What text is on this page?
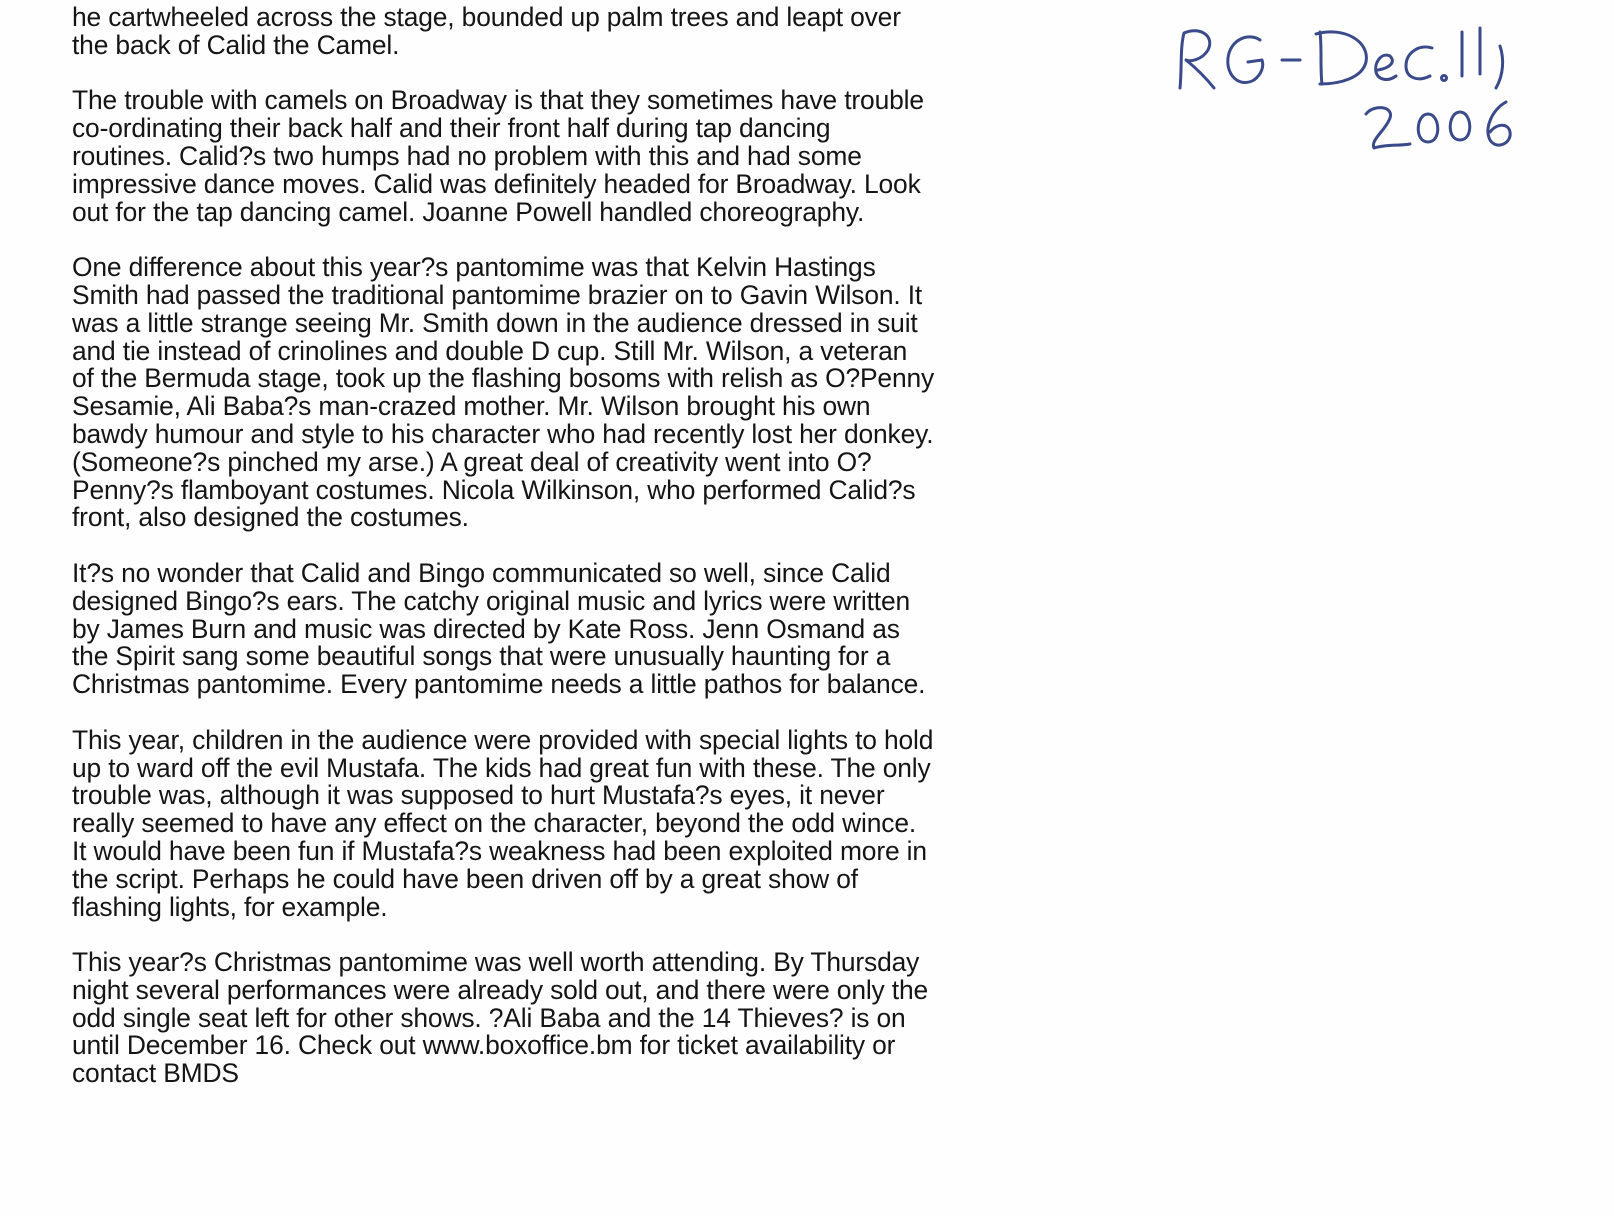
he cartwheeled across the stage, bounded up palm trees and leapt over
the back of Calid the Camel.

The trouble with camels on Broadway is that they sometimes have trouble
co-ordinating their back half and their front half during tap dancing
routines. Calid?s two humps had no problem with this and had some
impressive dance moves. Calid was definitely headed for Broadway. Look
out for the tap dancing camel. Joanne Powell handled choreography.

One difference about this year?s pantomime was that Kelvin Hastings
Smith had passed the traditional pantomime brazier on to Gavin Wilson. It
was a little strange seeing Mr. Smith down in the audience dressed in suit
and tie instead of crinolines and double D cup. Still Mr. Wilson, a veteran
of the Bermuda stage, took up the flashing bosoms with relish as O?Penny
Sesamie, Ali Baba?s man-crazed mother. Mr. Wilson brought his own
bawdy humour and style to his character who had recently lost her donkey.
(Someone?s pinched my arse.) A great deal of creativity went into O?
Penny?s flamboyant costumes. Nicola Wilkinson, who performed Calid?s
front, also designed the costumes.

It?s no wonder that Calid and Bingo communicated so well, since Calid
designed Bingo?s ears. The catchy original music and lyrics were written
by James Burn and music was directed by Kate Ross. Jenn Osmand as
the Spirit sang some beautiful songs that were unusually haunting for a
Christmas pantomime. Every pantomime needs a little pathos for balance.

This year, children in the audience were provided with special lights to hold
up to ward off the evil Mustafa. The kids had great fun with these. The only
trouble was, although it was supposed to hurt Mustafa?s eyes, it never
really seemed to have any effect on the character, beyond the odd wince.
It would have been fun if Mustafa?s weakness had been exploited more in
the script. Perhaps he could have been driven off by a great show of
flashing lights, for example.

This year?s Christmas pantomime was well worth attending. By Thursday
night several performances were already sold out, and there were only the
odd single seat left for other shows. ?Ali Baba and the 14 Thieves? is on
until December 16. Check out www.boxoffice.bm for ticket availability or
contact BMDS
